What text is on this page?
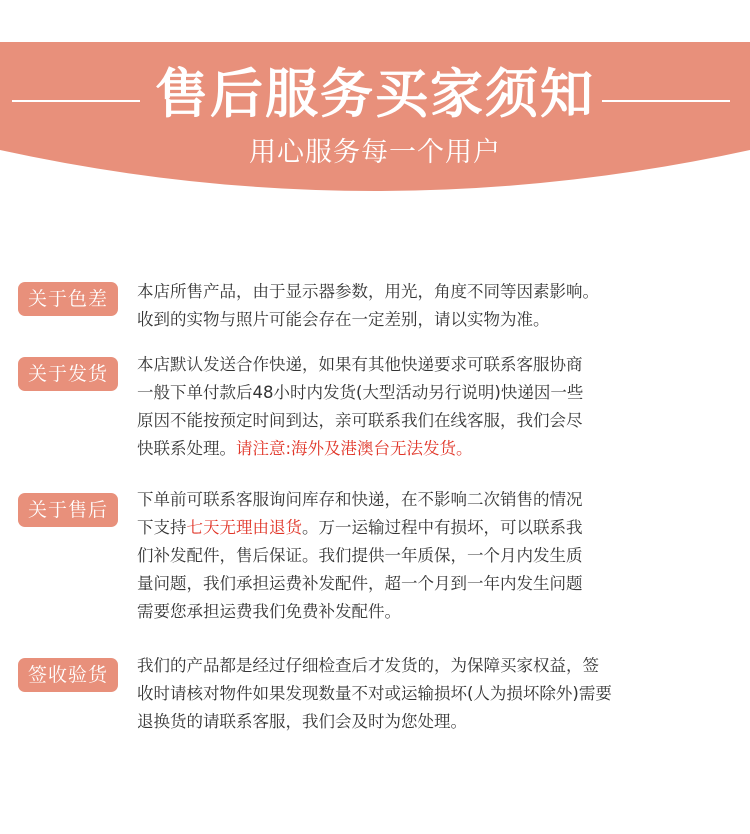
售后服务买家须知
用心服务每一个用户
关于色差	本店所售产品，由于显示器参数，用光，角度不同等因素影响。
收到的实物与照片可能会存在一定差别，请以实物为准。

关于发货	本店默认发送合作快递，如果有其他快递要求可联系客服协商
一般下单付款后48小时内发货(大型活动另行说明)快递因一些
原因不能按预定时间到达，亲可联系我们在线客服，我们会尽
快联系处理。请注意:海外及港澳台无法发货。

关于售后	下单前可联系客服询问库存和快递，在不影响二次销售的情况
下支持七天无理由退货。万一运输过程中有损坏，可以联系我
们补发配件，售后保证。我们提供一年质保，一个月内发生质
量问题，我们承担运费补发配件，超一个月到一年内发生问题
需要您承担运费我们免费补发配件。

签收验货	我们的产品都是经过仔细检查后才发货的，为保障买家权益，签
收时请核对物件如果发现数量不对或运输损坏(人为损坏除外)需要
退换货的请联系客服，我们会及时为您处理。
